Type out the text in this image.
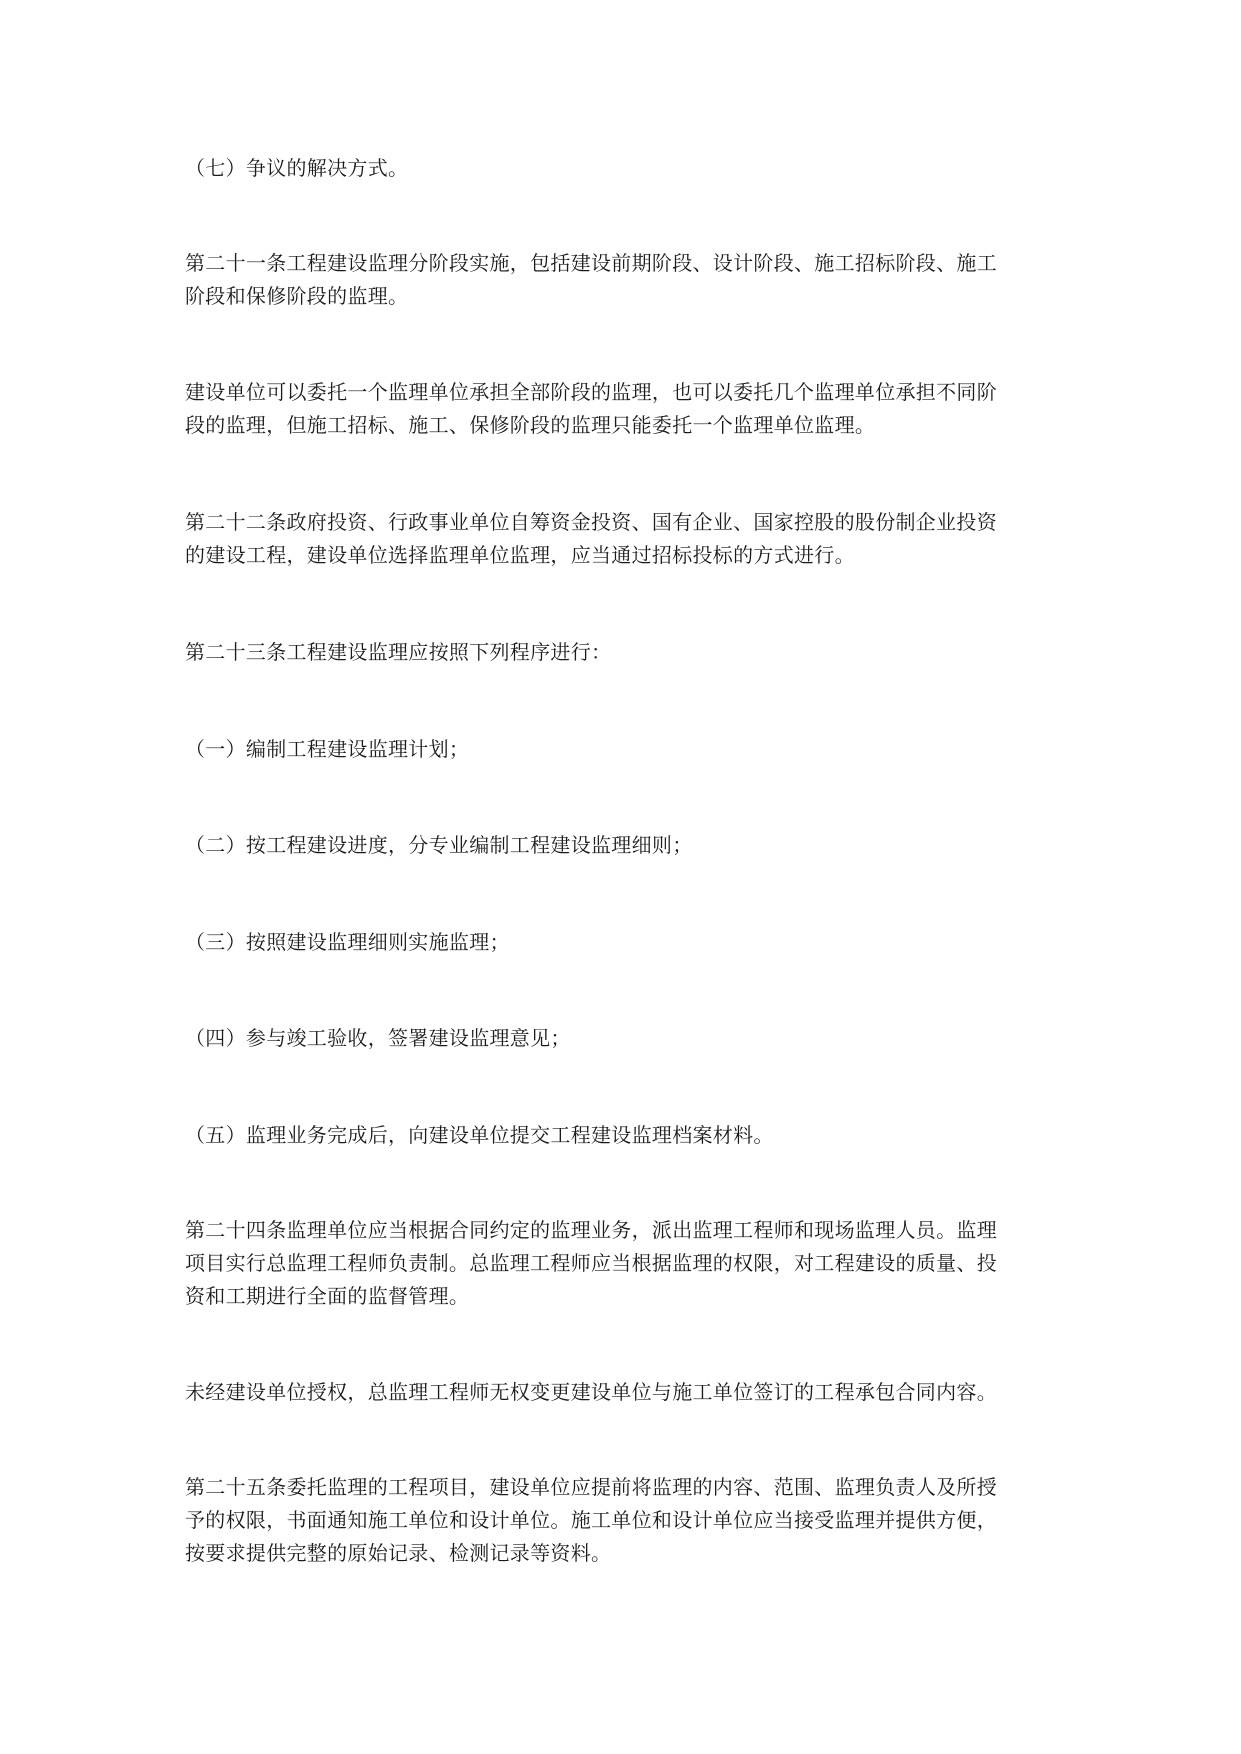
（七）争议的解决方式。

第二十一条工程建设监理分阶段实施，包括建设前期阶段、设计阶段、施工招标阶段、施工
阶段和保修阶段的监理。

建设单位可以委托一个监理单位承担全部阶段的监理，也可以委托几个监理单位承担不同阶
段的监理，但施工招标、施工、保修阶段的监理只能委托一个监理单位监理。

第二十二条政府投资、行政事业单位自筹资金投资、国有企业、国家控股的股份制企业投资
的建设工程，建设单位选择监理单位监理，应当通过招标投标的方式进行。

第二十三条工程建设监理应按照下列程序进行：

（一）编制工程建设监理计划；

（二）按工程建设进度，分专业编制工程建设监理细则；

（三）按照建设监理细则实施监理；

（四）参与竣工验收，签署建设监理意见；

（五）监理业务完成后，向建设单位提交工程建设监理档案材料。

第二十四条监理单位应当根据合同约定的监理业务，派出监理工程师和现场监理人员。监理
项目实行总监理工程师负责制。总监理工程师应当根据监理的权限，对工程建设的质量、投
资和工期进行全面的监督管理。

未经建设单位授权，总监理工程师无权变更建设单位与施工单位签订的工程承包合同内容。

第二十五条委托监理的工程项目，建设单位应提前将监理的内容、范围、监理负责人及所授
予的权限，书面通知施工单位和设计单位。施工单位和设计单位应当接受监理并提供方便，
按要求提供完整的原始记录、检测记录等资料。
